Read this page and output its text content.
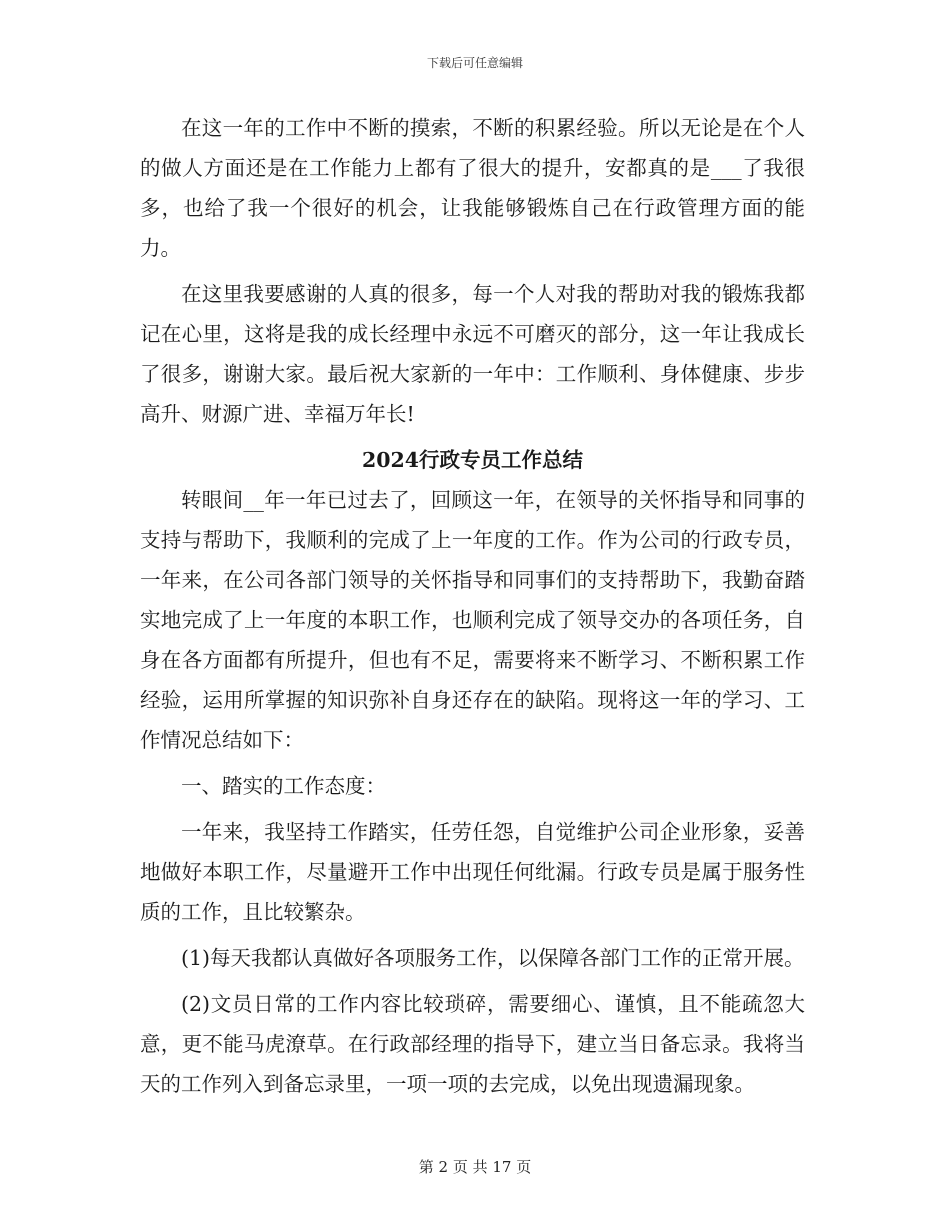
下载后可任意编辑

在这一年的工作中不断的摸索，不断的积累经验。所以无论是在个人的做人方面还是在工作能力上都有了很大的提升，安都真的是___了我很多，也给了我一个很好的机会，让我能够锻炼自己在行政管理方面的能力。

在这里我要感谢的人真的很多，每一个人对我的帮助对我的锻炼我都记在心里，这将是我的成长经理中永远不可磨灭的部分，这一年让我成长了很多，谢谢大家。最后祝大家新的一年中：工作顺利、身体健康、步步高升、财源广进、幸福万年长!

2024行政专员工作总结

转眼间__年一年已过去了，回顾这一年，在领导的关怀指导和同事的支持与帮助下，我顺利的完成了上一年度的工作。作为公司的行政专员，一年来，在公司各部门领导的关怀指导和同事们的支持帮助下，我勤奋踏实地完成了上一年度的本职工作，也顺利完成了领导交办的各项任务，自身在各方面都有所提升，但也有不足，需要将来不断学习、不断积累工作经验，运用所掌握的知识弥补自身还存在的缺陷。现将这一年的学习、工作情况总结如下：

一、踏实的工作态度：

一年来，我坚持工作踏实，任劳任怨，自觉维护公司企业形象，妥善地做好本职工作，尽量避开工作中出现任何纰漏。行政专员是属于服务性质的工作，且比较繁杂。

(1)每天我都认真做好各项服务工作，以保障各部门工作的正常开展。

(2)文员日常的工作内容比较琐碎，需要细心、谨慎，且不能疏忽大意，更不能马虎潦草。在行政部经理的指导下，建立当日备忘录。我将当天的工作列入到备忘录里，一项一项的去完成，以免出现遗漏现象。

第 2 页 共 17 页
